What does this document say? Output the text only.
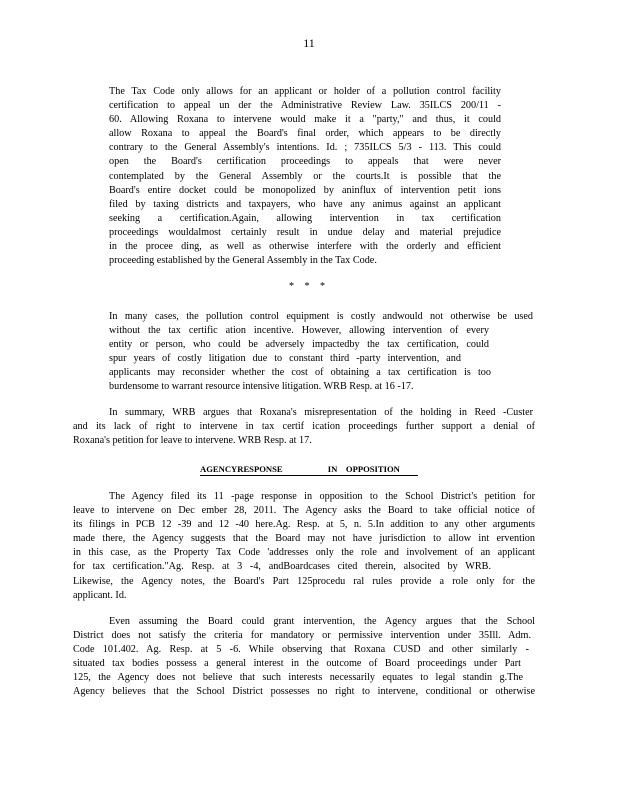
11
The Tax Code only allows for an applicant or holder of a pollution control facility
certification to appeal un der the Administrative Review Law. 35ILCS 200/11 -
60. Allowing Roxana to intervene would make it a "party," and thus, it could
allow Roxana to appeal the Board's final order, which appears to be directly
contrary to the General Assembly's intentions. Id. ; 735ILCS 5/3 - 113. This could
open the Board's certification proceedings to appeals that were never
contemplated by the General Assembly or the courts.It is possible that the
Board's entire docket could be monopolized by aninflux of intervention petit ions
filed by taxing districts and taxpayers, who have any animus against an applicant
seeking a certification.Again, allowing intervention in tax certification
proceedings wouldalmost certainly result in undue delay and material prejudice
in the procee ding, as well as otherwise interfere with the orderly and efficient
proceeding established by the General Assembly in the Tax Code.
* * *
In many cases, the pollution control equipment is costly andwould not otherwise be used
without the tax certific ation incentive. However, allowing intervention of every
entity or person, who could be adversely impactedby the tax certification, could
spur years of costly litigation due to constant third -party intervention, and
applicants may reconsider whether the cost of obtaining a tax certification is too
burdensome to warrant resource intensive litigation. WRB Resp. at 16 -17.
In summary, WRB argues that Roxana's misrepresentation of the holding in Reed -Custer
and its lack of right to intervene in tax certif ication proceedings further support a denial of
Roxana's petition for leave to intervene. WRB Resp. at 17.
AGENCYRESPONSE	IN    OPPOSITION
The Agency filed its 11 -page response in opposition to the School District's petition for
leave to intervene on Dec ember 28, 2011. The Agency asks the Board to take official notice of
its filings in PCB 12 -39 and 12 -40 here.Ag. Resp. at 5, n. 5.In addition to any other arguments
made there, the Agency suggests that the Board may not have jurisdiction to allow int ervention
in this case, as the Property Tax Code 'addresses only the role and involvement of an applicant
for tax certification."Ag. Resp. at 3 -4, andBoardcases cited therein, alsocited by WRB.
Likewise, the Agency notes, the Board's Part 125procedu ral rules provide a role only for the
applicant. Id.
Even assuming the Board could grant intervention, the Agency argues that the School
District does not satisfy the criteria for mandatory or permissive intervention under 35Ill. Adm.
Code 101.402. Ag. Resp. at 5 -6. While observing that Roxana CUSD and other similarly -
situated tax bodies possess a general interest in the outcome of Board proceedings under Part
125, the Agency does not believe that such interests necessarily equates to legal standin g.The
Agency believes that the School District possesses no right to intervene, conditional or otherwise
